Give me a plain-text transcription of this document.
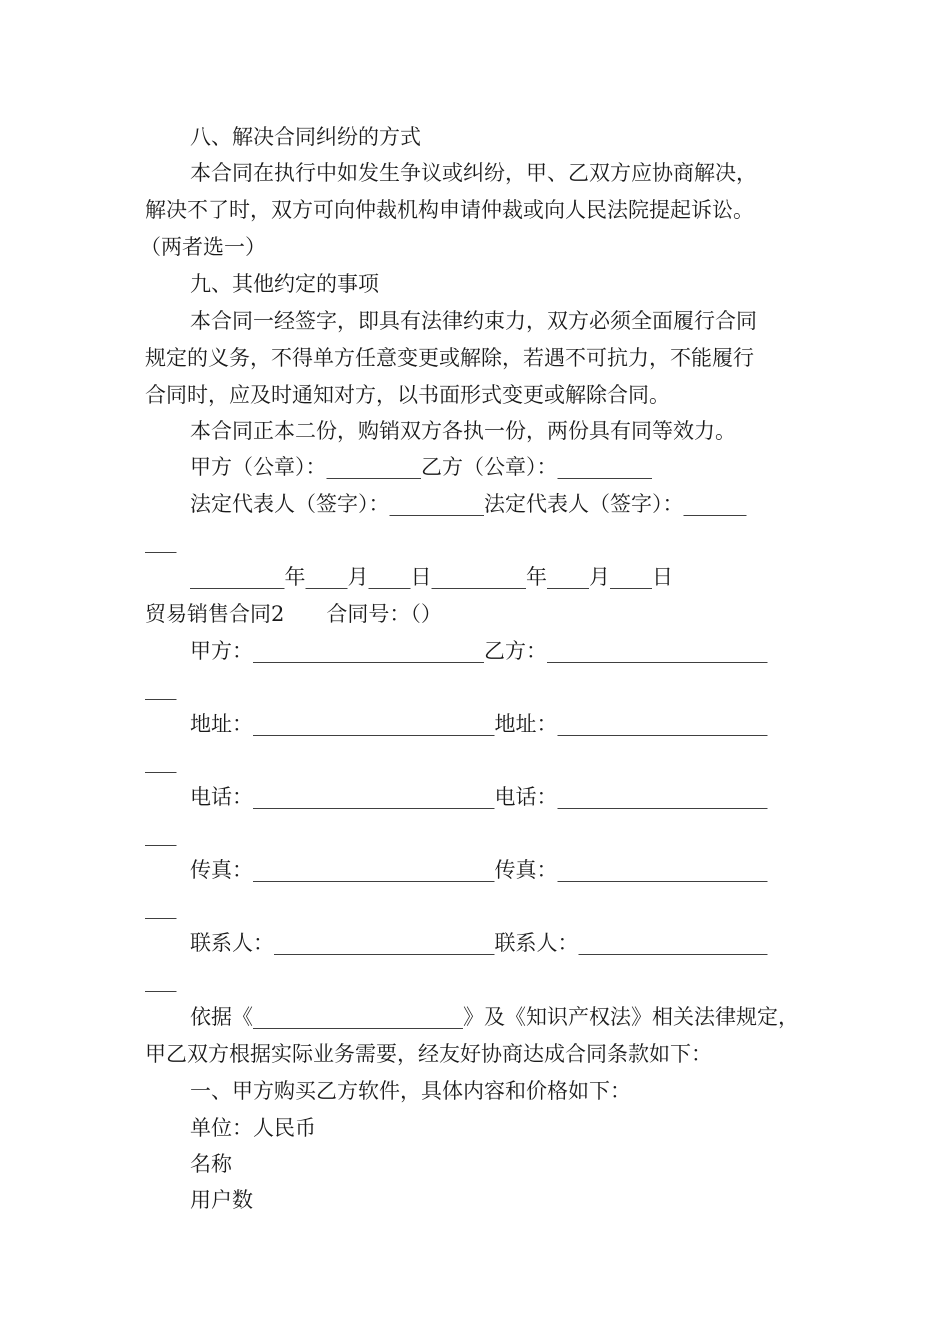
八、解决合同纠纷的方式
本合同在执行中如发生争议或纠纷，甲、乙双方应协商解决，
解决不了时，双方可向仲裁机构申请仲裁或向人民法院提起诉讼。
（两者选一）
九、其他约定的事项
本合同一经签字，即具有法律约束力，双方必须全面履行合同
规定的义务，不得单方任意变更或解除，若遇不可抗力，不能履行
合同时，应及时通知对方，以书面形式变更或解除合同。
本合同正本二份，购销双方各执一份，两份具有同等效力。
甲方（公章）：_________乙方（公章）：_________
法定代表人（签字）：_________法定代表人（签字）：______
___
_________年____月____日_________年____月____日
贸易销售合同2　　合同号：（）
甲方：______________________乙方：_____________________
___
地址：_______________________地址：____________________
___
电话：_______________________电话：____________________
___
传真：_______________________传真：____________________
___
联系人：_____________________联系人：__________________
___
依据《____________________》及《知识产权法》相关法律规定，
甲乙双方根据实际业务需要，经友好协商达成合同条款如下：
一、甲方购买乙方软件，具体内容和价格如下：
单位：人民币
名称
用户数
